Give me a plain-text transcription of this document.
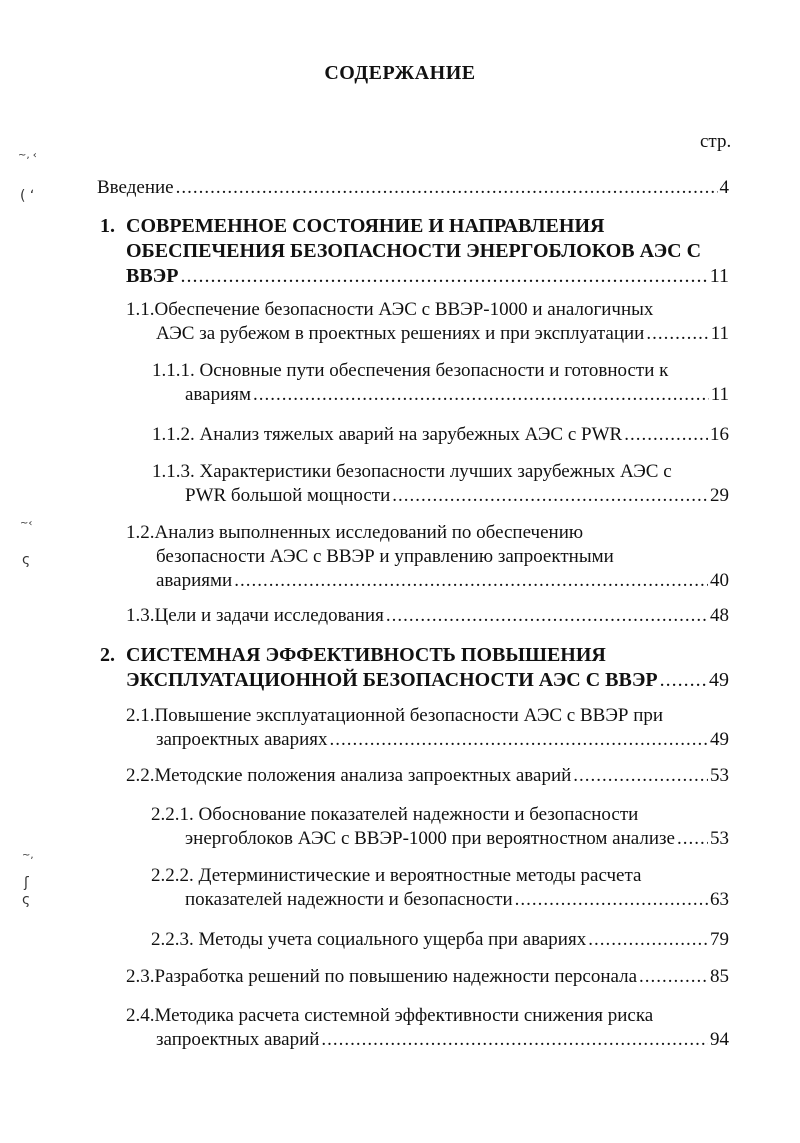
СОДЕРЖАНИЕ
стр.
~‚ ‹
( ʻ
~‹
ς
~,
ʃ
ς
Введение .....	4
1. СОВРЕМЕННОЕ СОСТОЯНИЕ И НАПРАВЛЕНИЯ
ОБЕСПЕЧЕНИЯ БЕЗОПАСНОСТИ ЭНЕРГОБЛОКОВ АЭС С
ВВЭР .....	11
1.1.Обеспечение безопасности АЭС с ВВЭР-1000 и аналогичных
АЭС за рубежом в проектных решениях и при эксплуатации .....	11
1.1.1. Основные пути обеспечения безопасности и готовности к
авариям .....	11
1.1.2. Анализ тяжелых аварий на зарубежных АЭС с PWR .....	16
1.1.3. Характеристики безопасности лучших зарубежных АЭС с
PWR большой мощности .....	29
1.2.Анализ выполненных исследований по обеспечению
безопасности АЭС с ВВЭР и управлению запроектными
авариями .....	40
1.3.Цели и задачи исследования .....	48
2. СИСТЕМНАЯ ЭФФЕКТИВНОСТЬ ПОВЫШЕНИЯ
ЭКСПЛУАТАЦИОННОЙ БЕЗОПАСНОСТИ АЭС С ВВЭР .....	49
2.1.Повышение эксплуатационной безопасности АЭС с ВВЭР при
запроектных авариях .....	49
2.2.Методские положения анализа запроектных аварий .....	53
2.2.1. Обоснование показателей надежности и безопасности
энергоблоков АЭС с ВВЭР-1000 при вероятностном анализе ..... 53
2.2.2. Детерминистические и вероятностные методы расчета
показателей надежности и безопасности .....	63
2.2.3. Методы учета социального ущерба при авариях .....	79
2.3.Разработка решений по повышению надежности персонала .....	85
2.4.Методика расчета системной эффективности снижения риска
запроектных аварий .....	94
